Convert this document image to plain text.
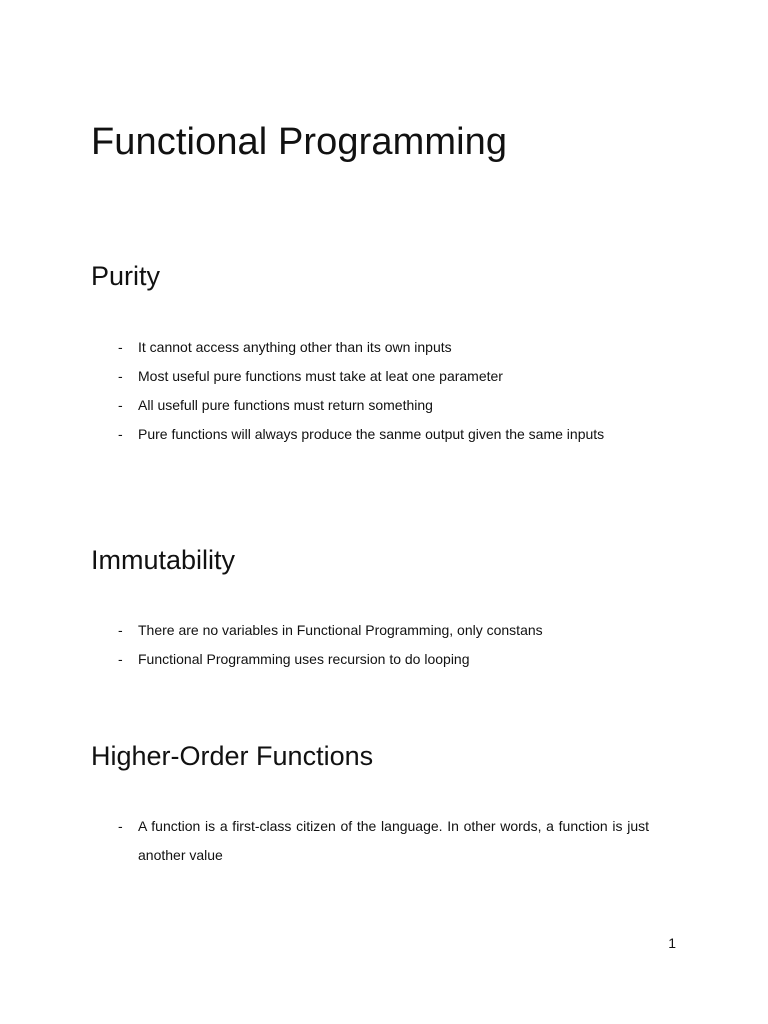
Functional Programming
Purity
- It cannot access anything other than its own inputs
- Most useful pure functions must take at leat one parameter
- All usefull pure functions must return something
- Pure functions will always produce the sanme output given the same inputs
Immutability
- There are no variables in Functional Programming, only constans
- Functional Programming uses recursion to do looping
Higher-Order Functions
- A function is a first-class citizen of the language. In other words, a function is just another value
1
